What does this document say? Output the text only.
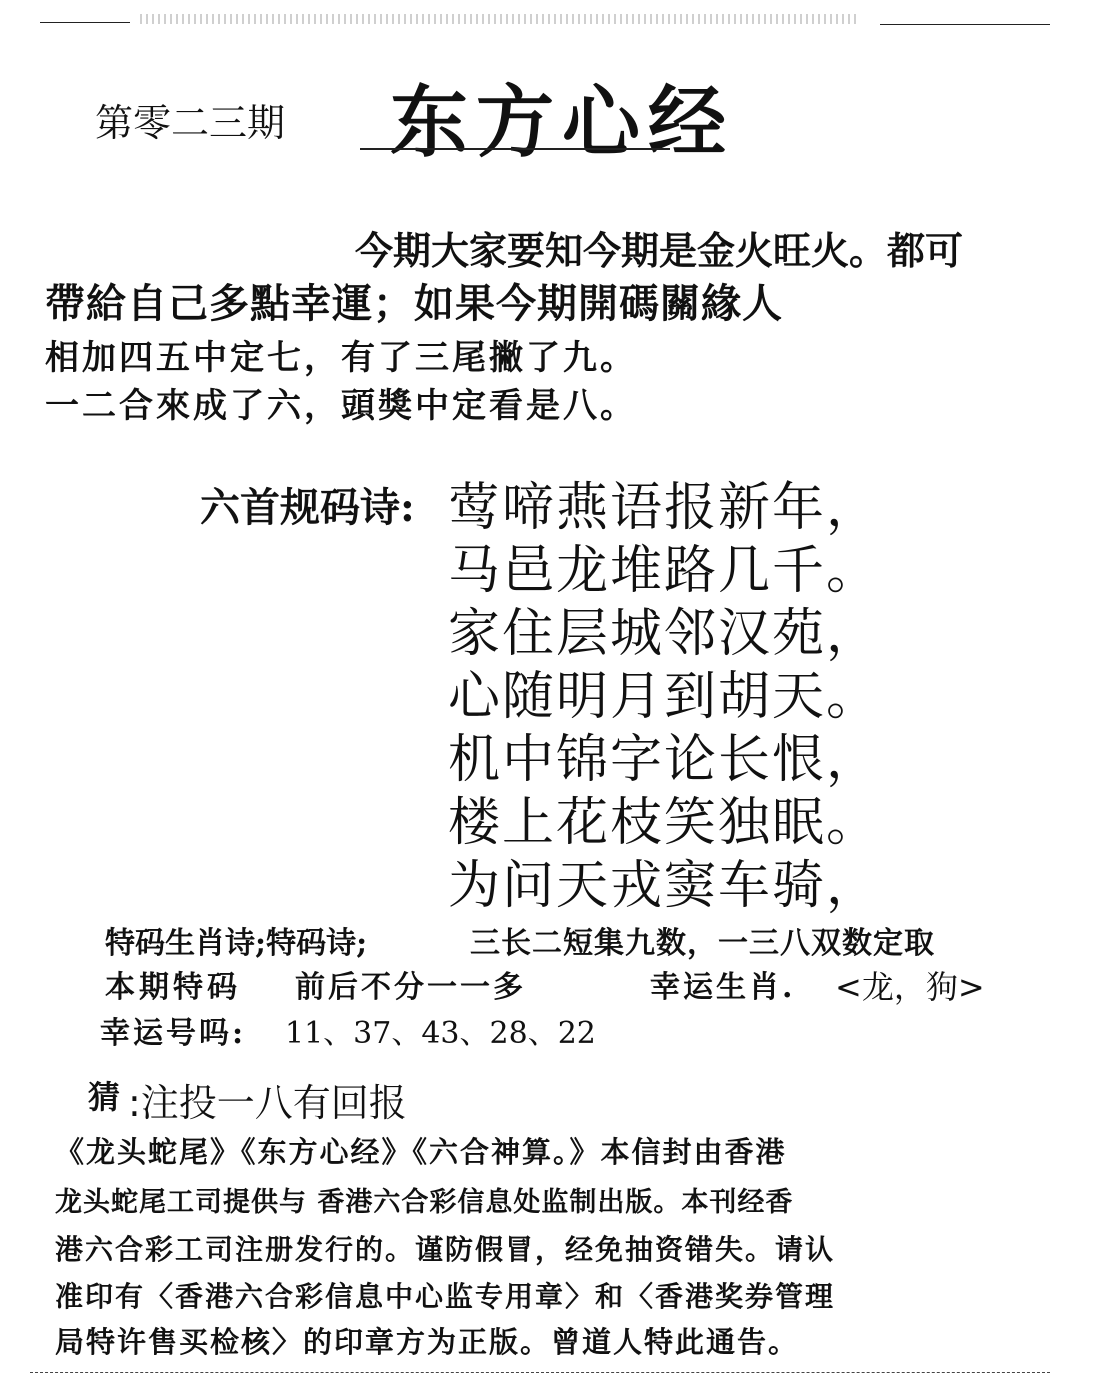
第零二三期 东方心经
今期大家要知今期是金火旺火。都可
帶給自己多點幸運；如果今期開碼關緣人
相加四五中定七，有了三尾撇了九。
一二合來成了六，頭獎中定看是八。
六首规码诗: 莺啼燕语报新年，
马邑龙堆路几千。
家住层城邻汉苑，
心随明月到胡天。
机中锦字论长恨，
楼上花枝笑独眠。
为问天戎窦车骑，
特码生肖诗;特码诗;	三长二短集九数，一三八双数定取
本期特码 前后不分一一多	幸运生肖. <龙，狗>
幸运号吗: 11、37、43、28、22
猜 :注投一八有回报
《龙头蛇尾》《东方心经》《六合神算。》本信封由香港
龙头蛇尾工司提供与 香港六合彩信息处监制出版。本刊经香
港六合彩工司注册发行的。谨防假冒，经免抽资错失。请认
准印有〈香港六合彩信息中心监专用章〉和〈香港奖券管理
局特许售买检核〉的印章方为正版。曾道人特此通告。
